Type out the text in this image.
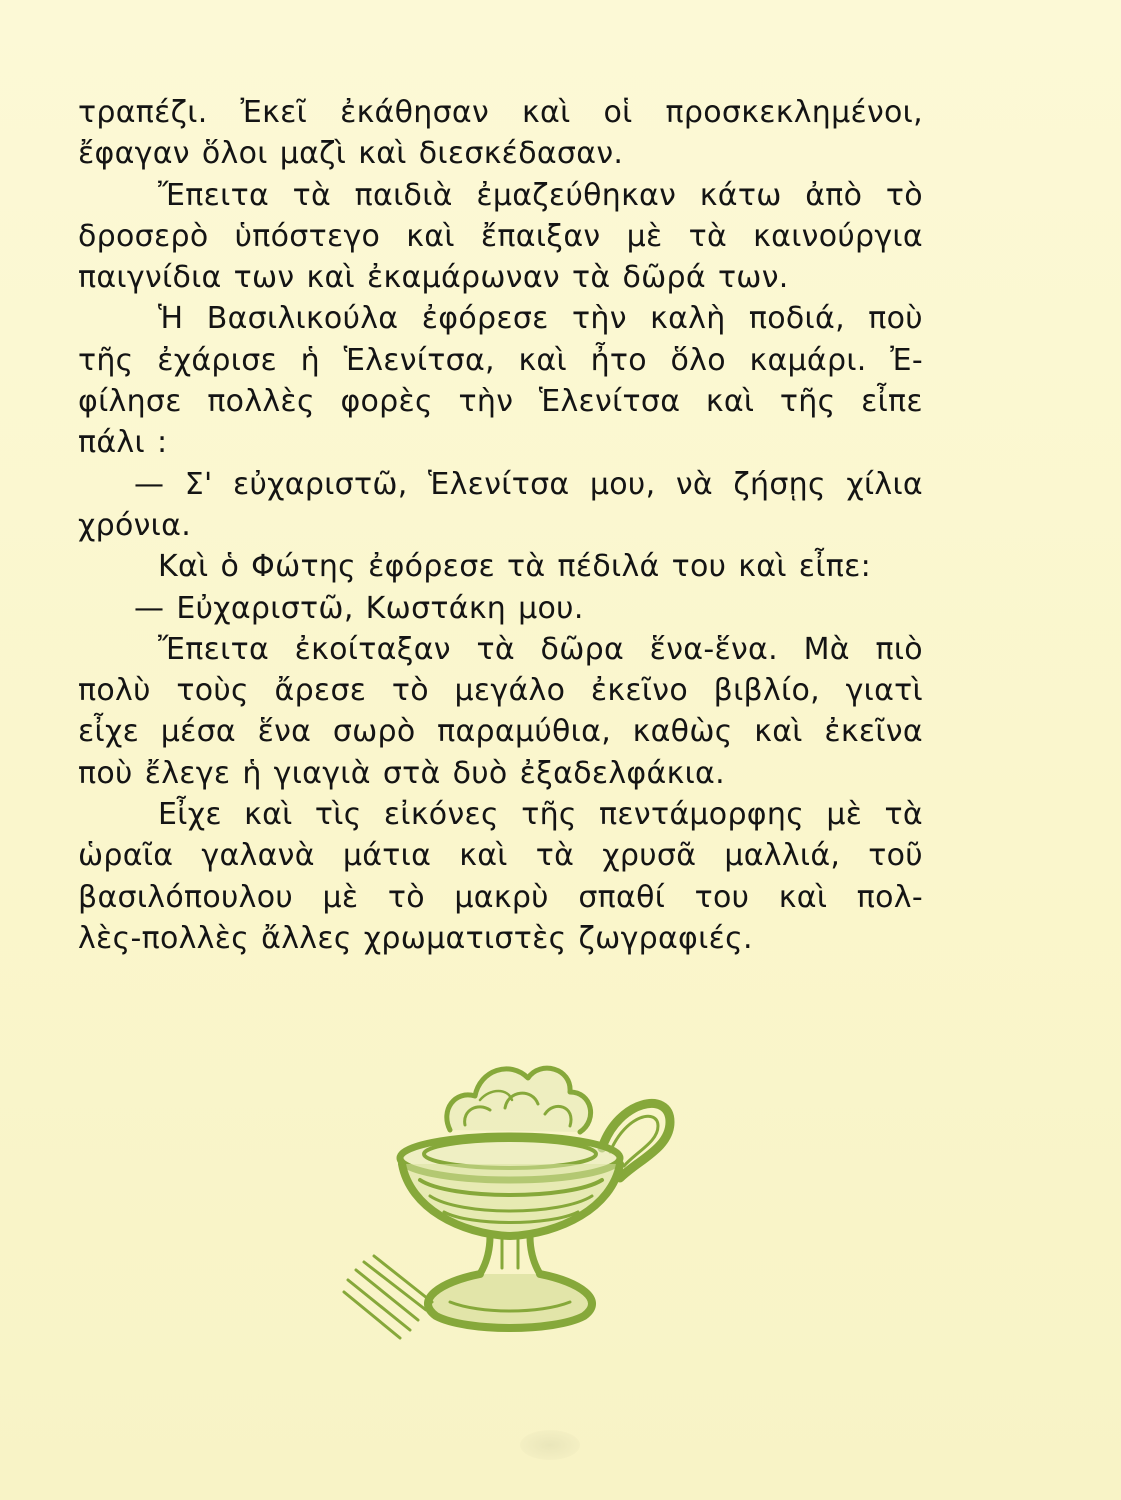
τραπέζι. Ἐκεῖ ἐκάθησαν καὶ οἱ προσκεκλημένοι,
ἔφαγαν ὅλοι μαζὶ καὶ διεσκέδασαν.
Ἔπειτα τὰ παιδιὰ ἐμαζεύθηκαν κάτω ἀπὸ τὸ
δροσερὸ ὑπόστεγο καὶ ἔπαιξαν μὲ τὰ καινούργια
παιγνίδια των καὶ ἐκαμάρωναν τὰ δῶρά των.
Ἡ Βασιλικούλα ἐφόρεσε τὴν καλὴ ποδιά, ποὺ
τῆς ἐχάρισε ἡ Ἑλενίτσα, καὶ ἦτο ὅλο καμάρι. Ἐ-
φίλησε πολλὲς φορὲς τὴν Ἑλενίτσα καὶ τῆς εἶπε
πάλι :
— Σ' εὐχαριστῶ, Ἑλενίτσα μου, νὰ ζήσῃς χίλια
χρόνια.
Καὶ ὁ Φώτης ἐφόρεσε τὰ πέδιλά του καὶ εἶπε:
— Εὐχαριστῶ, Κωστάκη μου.
Ἔπειτα ἐκοίταξαν τὰ δῶρα ἕνα-ἕνα. Μὰ πιὸ
πολὺ τοὺς ἄρεσε τὸ μεγάλο ἐκεῖνο βιβλίο, γιατὶ
εἶχε μέσα ἕνα σωρὸ παραμύθια, καθὼς καὶ ἐκεῖνα
ποὺ ἔλεγε ἡ γιαγιὰ στὰ δυὸ ἐξαδελφάκια.
Εἶχε καὶ τὶς εἰκόνες τῆς πεντάμορφης μὲ τὰ
ὡραῖα γαλανὰ μάτια καὶ τὰ χρυσᾶ μαλλιά, τοῦ
βασιλόπουλου μὲ τὸ μακρὺ σπαθί του καὶ πολ-
λὲς-πολλὲς ἄλλες χρωματιστὲς ζωγραφιές.
